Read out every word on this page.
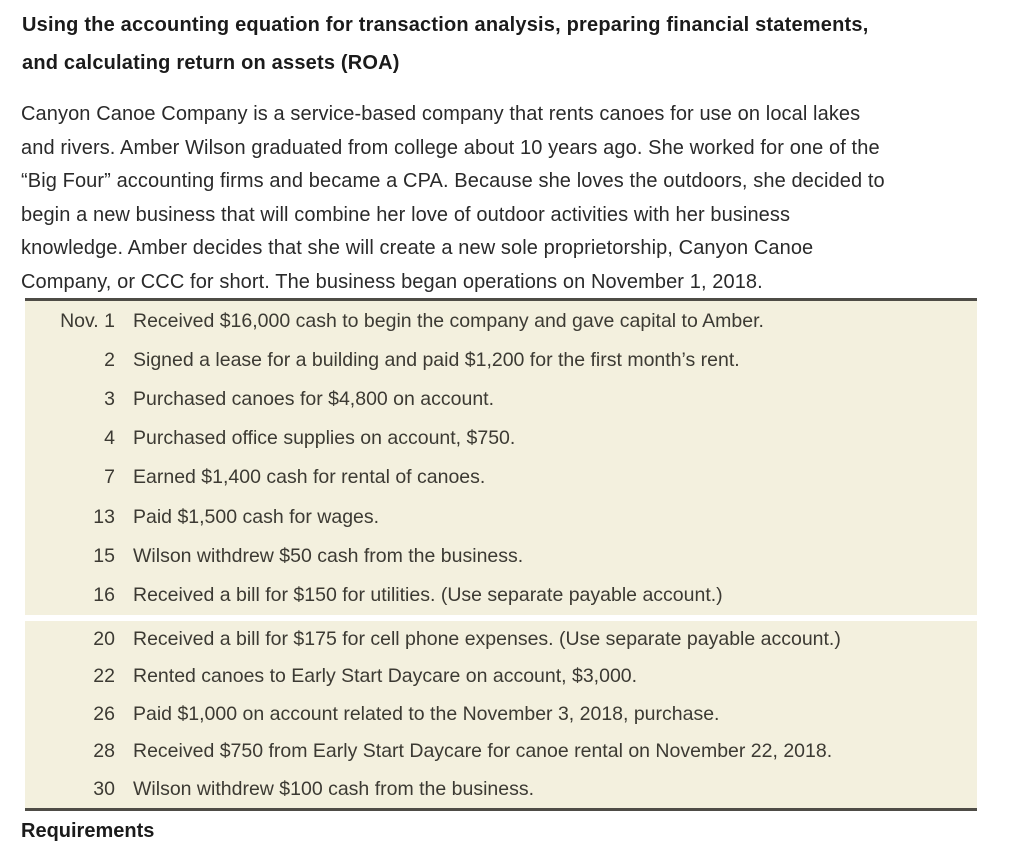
Using the accounting equation for transaction analysis, preparing financial statements,
and calculating return on assets (ROA)
Canyon Canoe Company is a service-based company that rents canoes for use on local lakes
and rivers. Amber Wilson graduated from college about 10 years ago. She worked for one of the
“Big Four” accounting firms and became a CPA. Because she loves the outdoors, she decided to
begin a new business that will combine her love of outdoor activities with her business
knowledge. Amber decides that she will create a new sole proprietorship, Canyon Canoe
Company, or CCC for short. The business began operations on November 1, 2018.
Nov. 1 Received $16,000 cash to begin the company and gave capital to Amber.
2 Signed a lease for a building and paid $1,200 for the first month’s rent.
3 Purchased canoes for $4,800 on account.
4 Purchased office supplies on account, $750.
7 Earned $1,400 cash for rental of canoes.
13 Paid $1,500 cash for wages.
15 Wilson withdrew $50 cash from the business.
16 Received a bill for $150 for utilities. (Use separate payable account.)
20 Received a bill for $175 for cell phone expenses. (Use separate payable account.)
22 Rented canoes to Early Start Daycare on account, $3,000.
26 Paid $1,000 on account related to the November 3, 2018, purchase.
28 Received $750 from Early Start Daycare for canoe rental on November 22, 2018.
30 Wilson withdrew $100 cash from the business.
Requirements
